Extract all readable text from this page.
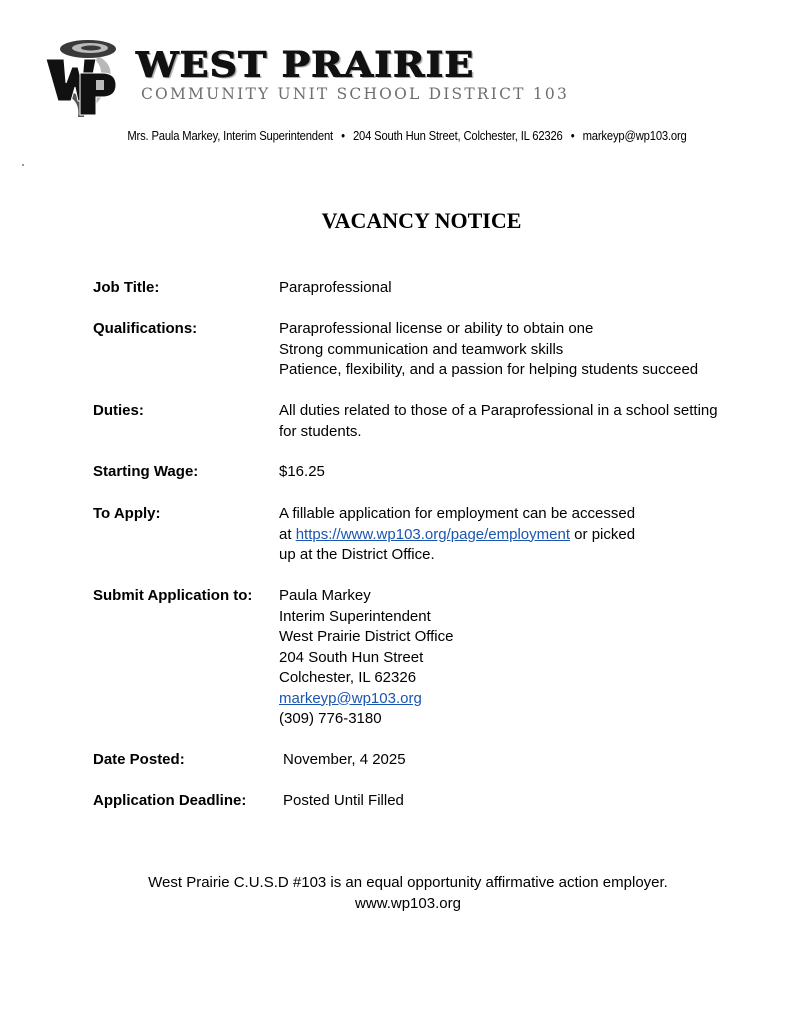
WEST PRAIRIE
COMMUNITY UNIT SCHOOL DISTRICT 103
Mrs. Paula Markey, Interim Superintendent • 204 South Hun Street, Colchester, IL 62326 • markeyp@wp103.org
VACANCY NOTICE
Job Title:	Paraprofessional
Qualifications:	Paraprofessional license or ability to obtain one
Strong communication and teamwork skills
Patience, flexibility, and a passion for helping students succeed
Duties:	All duties related to those of a Paraprofessional in a school setting
for students.
Starting Wage:	$16.25
To Apply:	A fillable application for employment can be accessed
at https://www.wp103.org/page/employment or picked
up at the District Office.
Submit Application to: Paula Markey
Interim Superintendent
West Prairie District Office
204 South Hun Street
Colchester, IL 62326
markeyp@wp103.org
(309) 776-3180
Date Posted:	November, 4 2025
Application Deadline: Posted Until Filled
West Prairie C.U.S.D #103 is an equal opportunity affirmative action employer.
www.wp103.org
